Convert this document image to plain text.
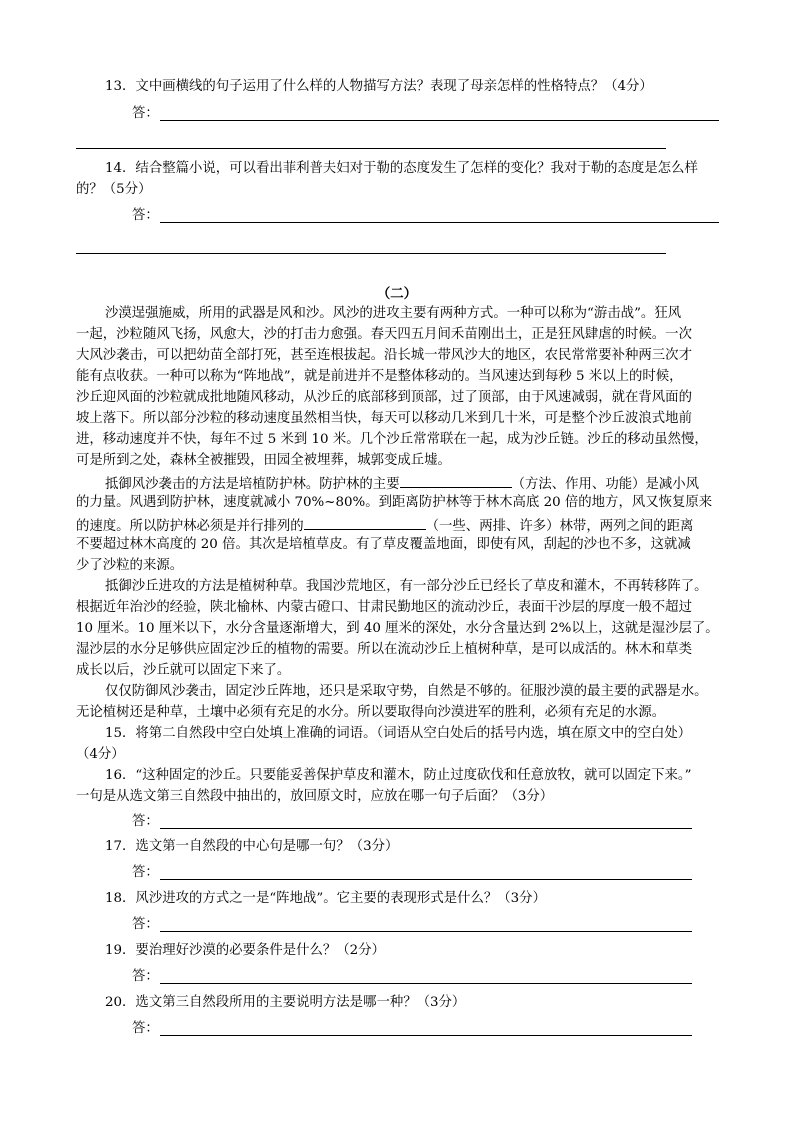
13．文中画横线的句子运用了什么样的人物描写方法？表现了母亲怎样的性格特点？（4分）
答：
14．结合整篇小说，可以看出菲利普夫妇对于勒的态度发生了怎样的变化？我对于勒的态度是怎么样
的？（5分）
答：
（二）
沙漠逞强施威，所用的武器是风和沙。风沙的进攻主要有两种方式。一种可以称为“游击战”。狂风
一起，沙粒随风飞扬，风愈大，沙的打击力愈强。春天四五月间禾苗刚出土，正是狂风肆虐的时候。一次
大风沙袭击，可以把幼苗全部打死，甚至连根拔起。沿长城一带风沙大的地区，农民常常要补种两三次才
能有点收获。一种可以称为“阵地战”，就是前进并不是整体移动的。当风速达到每秒 5 米以上的时候，
沙丘迎风面的沙粒就成批地随风移动，从沙丘的底部移到顶部，过了顶部，由于风速减弱，就在背风面的
坡上落下。所以部分沙粒的移动速度虽然相当快，每天可以移动几米到几十米，可是整个沙丘波浪式地前
进，移动速度并不快，每年不过 5 米到 10 米。几个沙丘常常联在一起，成为沙丘链。沙丘的移动虽然慢，
可是所到之处，森林全被摧毁，田园全被埋葬，城郭变成丘墟。
抵御风沙袭击的方法是培植防护林。防护林的主要	（方法、作用、功能）是减小风
的力量。风遇到防护林，速度就减小 70%~80%。到距离防护林等于林木高底 20 倍的地方，风又恢复原来
的速度。所以防护林必须是并行排列的	（一些、两排、许多）林带，两列之间的距离
不要超过林木高度的 20 倍。其次是培植草皮。有了草皮覆盖地面，即使有风，刮起的沙也不多，这就减
少了沙粒的来源。
抵御沙丘进攻的方法是植树种草。我国沙荒地区，有一部分沙丘已经长了草皮和灌木，不再转移阵了。
根据近年治沙的经验，陕北榆林、内蒙古磴口、甘肃民勤地区的流动沙丘，表面干沙层的厚度一般不超过
10 厘米。10 厘米以下，水分含量逐渐增大，到 40 厘米的深处，水分含量达到 2%以上，这就是湿沙层了。
湿沙层的水分足够供应固定沙丘的植物的需要。所以在流动沙丘上植树种草，是可以成活的。林木和草类
成长以后，沙丘就可以固定下来了。
仅仅防御风沙袭击，固定沙丘阵地，还只是采取守势，自然是不够的。征服沙漠的最主要的武器是水。
无论植树还是种草，土壤中必须有充足的水分。所以要取得向沙漠进军的胜利，必须有充足的水源。
15．将第二自然段中空白处填上准确的词语。（词语从空白处后的括号内选，填在原文中的空白处）
（4分）
16．“这种固定的沙丘。只要能妥善保护草皮和灌木，防止过度砍伐和任意放牧，就可以固定下来。”
一句是从选文第三自然段中抽出的，放回原文时，应放在哪一句子后面？（3分）
答：
17．选文第一自然段的中心句是哪一句？（3分）
答：
18．风沙进攻的方式之一是“阵地战”。它主要的表现形式是什么？（3分）
答：
19．要治理好沙漠的必要条件是什么？（2分）
答：
20．选文第三自然段所用的主要说明方法是哪一种？（3分）
答：
